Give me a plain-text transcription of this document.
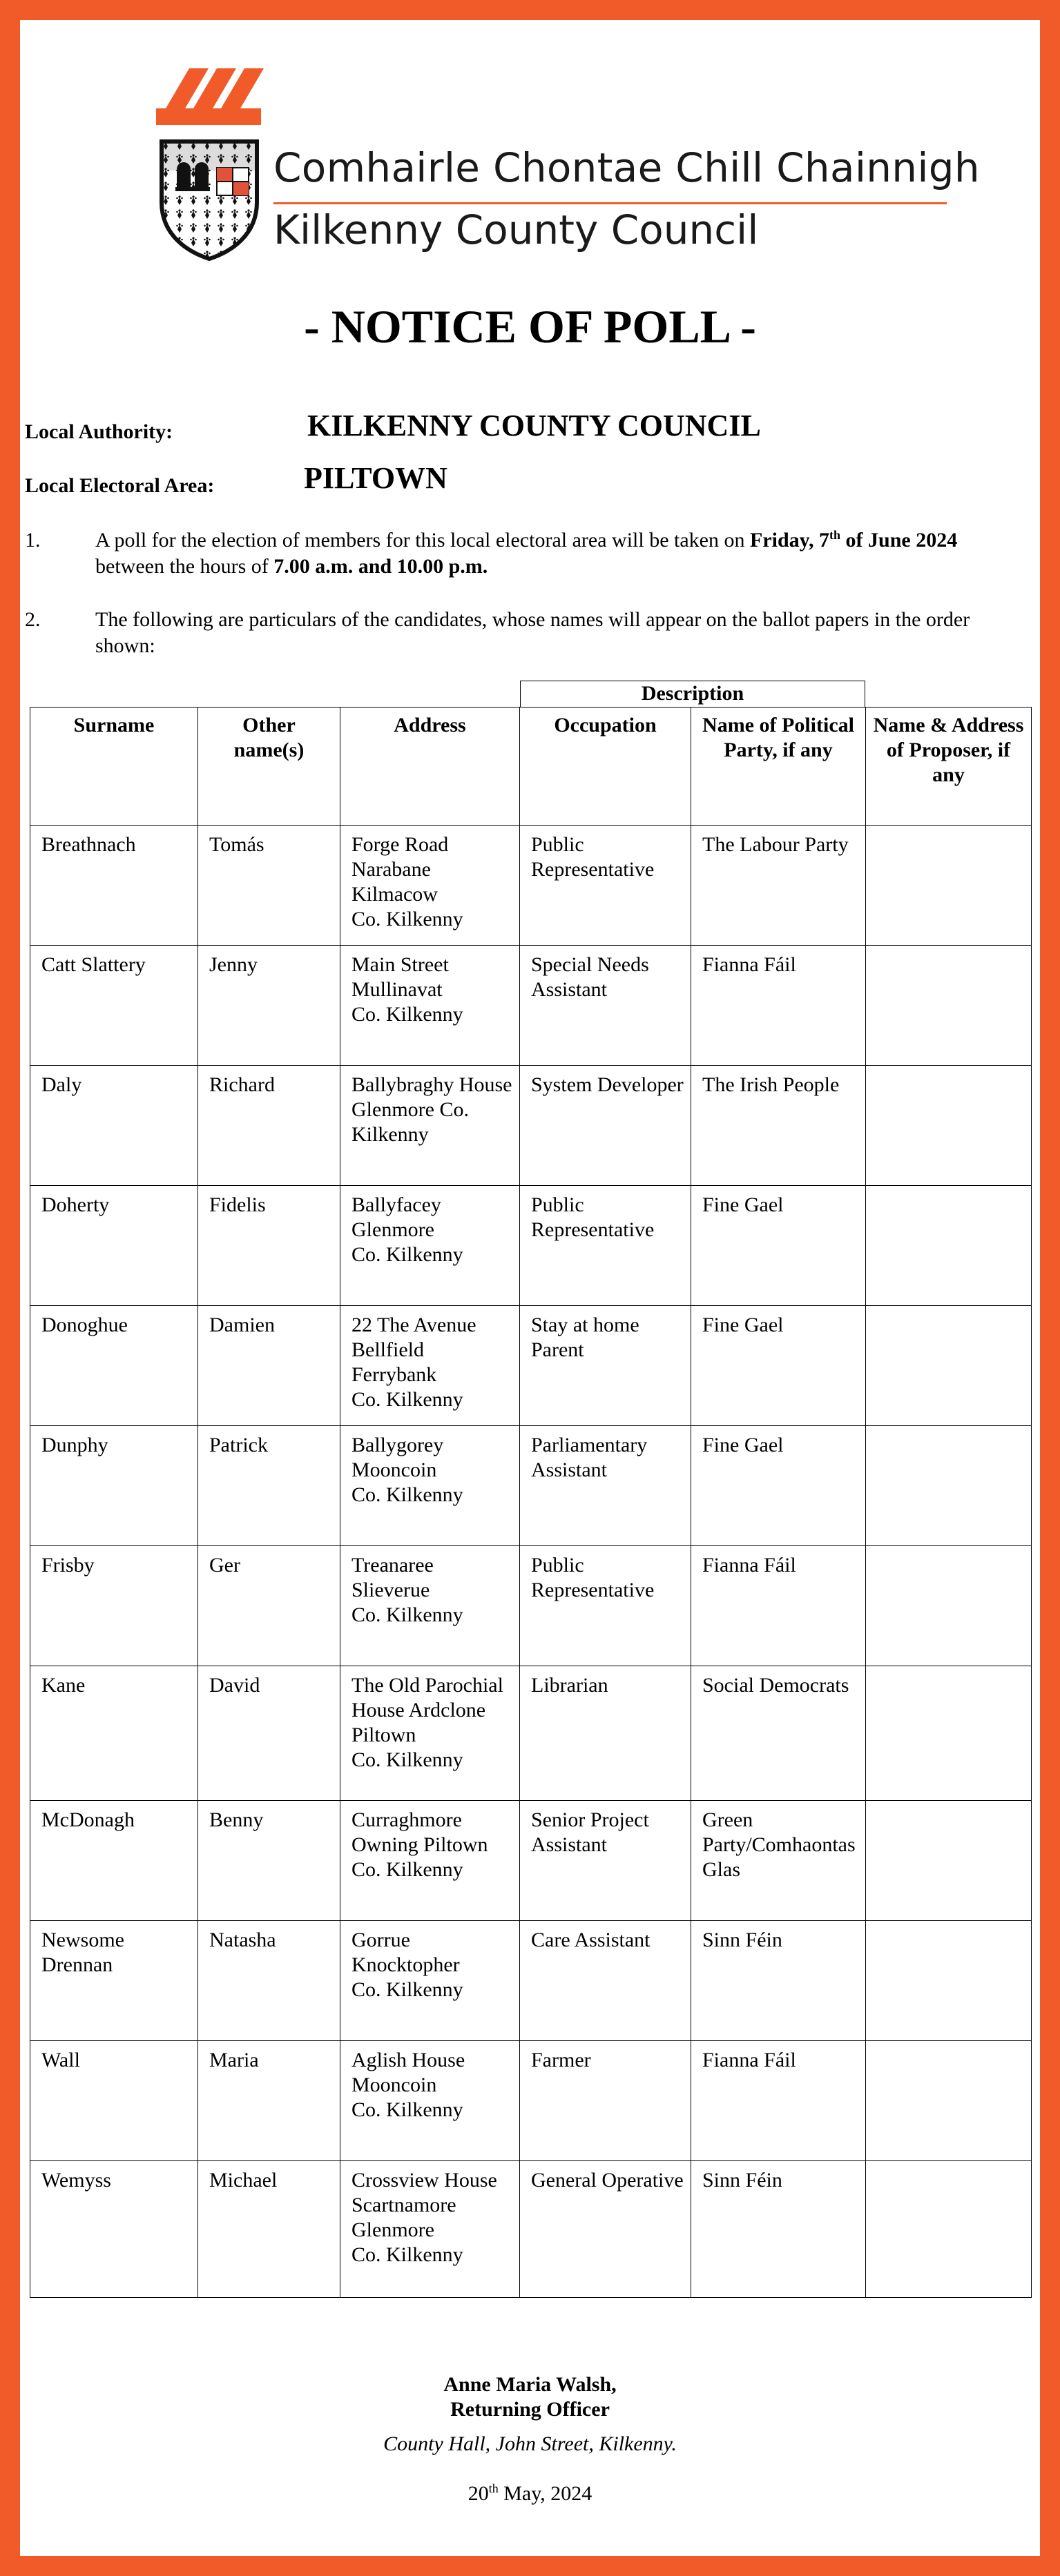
Comhairle Chontae Chill Chainnigh
Kilkenny County Council
- NOTICE OF POLL -
Local Authority:	KILKENNY COUNTY COUNCIL
Local Electoral Area:	PILTOWN
1.	A poll for the election of members for this local electoral area will be taken on Friday, 7th of June 2024 between the hours of 7.00 a.m. and 10.00 p.m.
2.	The following are particulars of the candidates, whose names will appear on the ballot papers in the order shown:
Description
Surname	Other name(s)	Address	Occupation	Name of Political Party, if any	Name & Address of Proposer, if any
Breathnach	Tomás	Forge Road
Narabane
Kilmacow
Co. Kilkenny	Public Representative	The Labour Party	
Catt Slattery	Jenny	Main Street
Mullinavat
Co. Kilkenny	Special Needs Assistant	Fianna Fáil	
Daly	Richard	Ballybraghy House
Glenmore Co. Kilkenny	System Developer	The Irish People	
Doherty	Fidelis	Ballyfacey
Glenmore
Co. Kilkenny	Public Representative	Fine Gael	
Donoghue	Damien	22 The Avenue
Bellfield
Ferrybank
Co. Kilkenny	Stay at home Parent	Fine Gael	
Dunphy	Patrick	Ballygorey
Mooncoin
Co. Kilkenny	Parliamentary Assistant	Fine Gael	
Frisby	Ger	Treanaree
Slieverue
Co. Kilkenny	Public Representative	Fianna Fáil	
Kane	David	The Old Parochial House Ardclone
Piltown
Co. Kilkenny	Librarian	Social Democrats	
McDonagh	Benny	Curraghmore Owning Piltown
Co. Kilkenny	Senior Project Assistant	Green Party/Comhaontas Glas	
Newsome Drennan	Natasha	Gorrue
Knocktopher
Co. Kilkenny	Care Assistant	Sinn Féin	
Wall	Maria	Aglish House
Mooncoin
Co. Kilkenny	Farmer	Fianna Fáil	
Wemyss	Michael	Crossview House
Scartnamore
Glenmore
Co. Kilkenny	General Operative	Sinn Féin	
Anne Maria Walsh,
Returning Officer
County Hall, John Street, Kilkenny.
20th May, 2024
